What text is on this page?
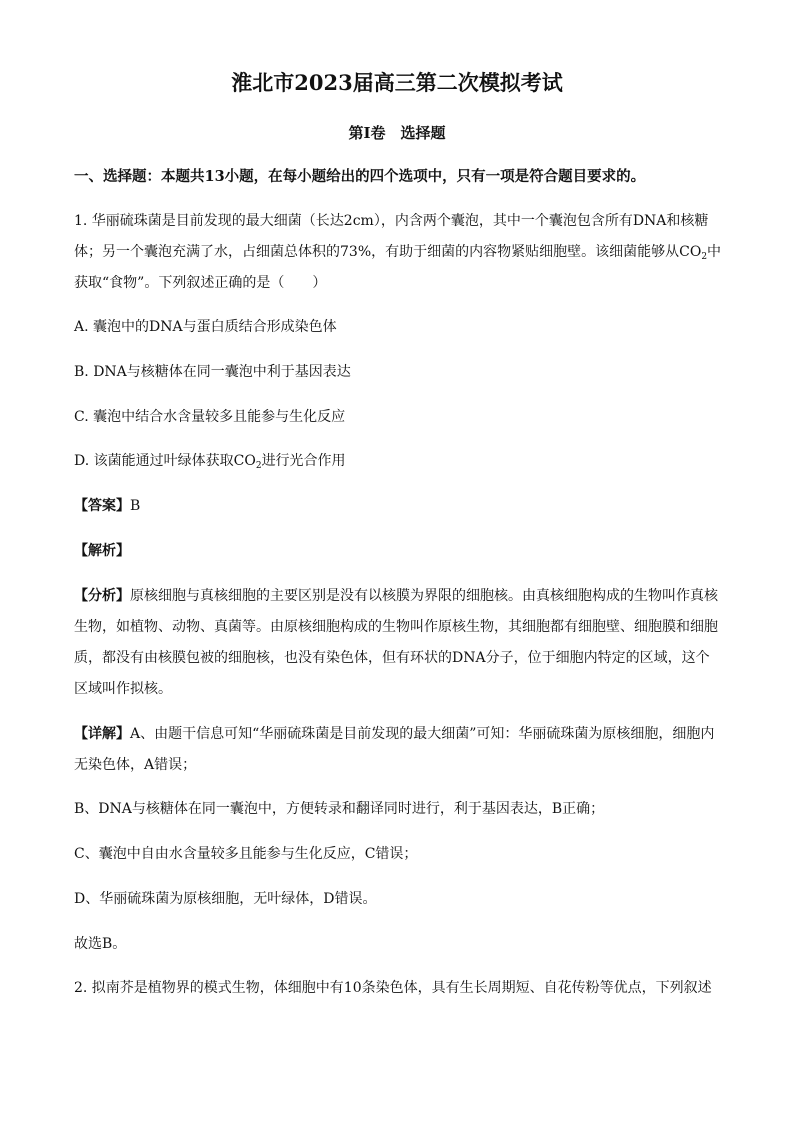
淮北市2023届高三第二次模拟考试
第Ⅰ卷　选择题
一、选择题：本题共13小题，在每小题给出的四个选项中，只有一项是符合题目要求的。
1. 华丽硫珠菌是目前发现的最大细菌（长达2cm），内含两个囊泡，其中一个囊泡包含所有DNA和核糖
体；另一个囊泡充满了水，占细菌总体积的73%，有助于细菌的内容物紧贴细胞壁。该细菌能够从$CO_2$中
获取“食物”。下列叙述正确的是（　　）
A. 囊泡中的DNA与蛋白质结合形成染色体
B. DNA与核糖体在同一囊泡中利于基因表达
C. 囊泡中结合水含量较多且能参与生化反应
D. 该菌能通过叶绿体获取$CO_2$进行光合作用
【答案】B
【解析】
【分析】原核细胞与真核细胞的主要区别是没有以核膜为界限的细胞核。由真核细胞构成的生物叫作真核
生物，如植物、动物、真菌等。由原核细胞构成的生物叫作原核生物，其细胞都有细胞壁、细胞膜和细胞
质，都没有由核膜包被的细胞核，也没有染色体，但有环状的DNA分子，位于细胞内特定的区域，这个
区域叫作拟核。
【详解】A、由题干信息可知“华丽硫珠菌是目前发现的最大细菌”可知：华丽硫珠菌为原核细胞，细胞内
无染色体，A错误；
B、DNA与核糖体在同一囊泡中，方便转录和翻译同时进行，利于基因表达，B正确；
C、囊泡中自由水含量较多且能参与生化反应，C错误；
D、华丽硫珠菌为原核细胞，无叶绿体，D错误。
故选B。
2. 拟南芥是植物界的模式生物，体细胞中有10条染色体，具有生长周期短、自花传粉等优点，下列叙述
